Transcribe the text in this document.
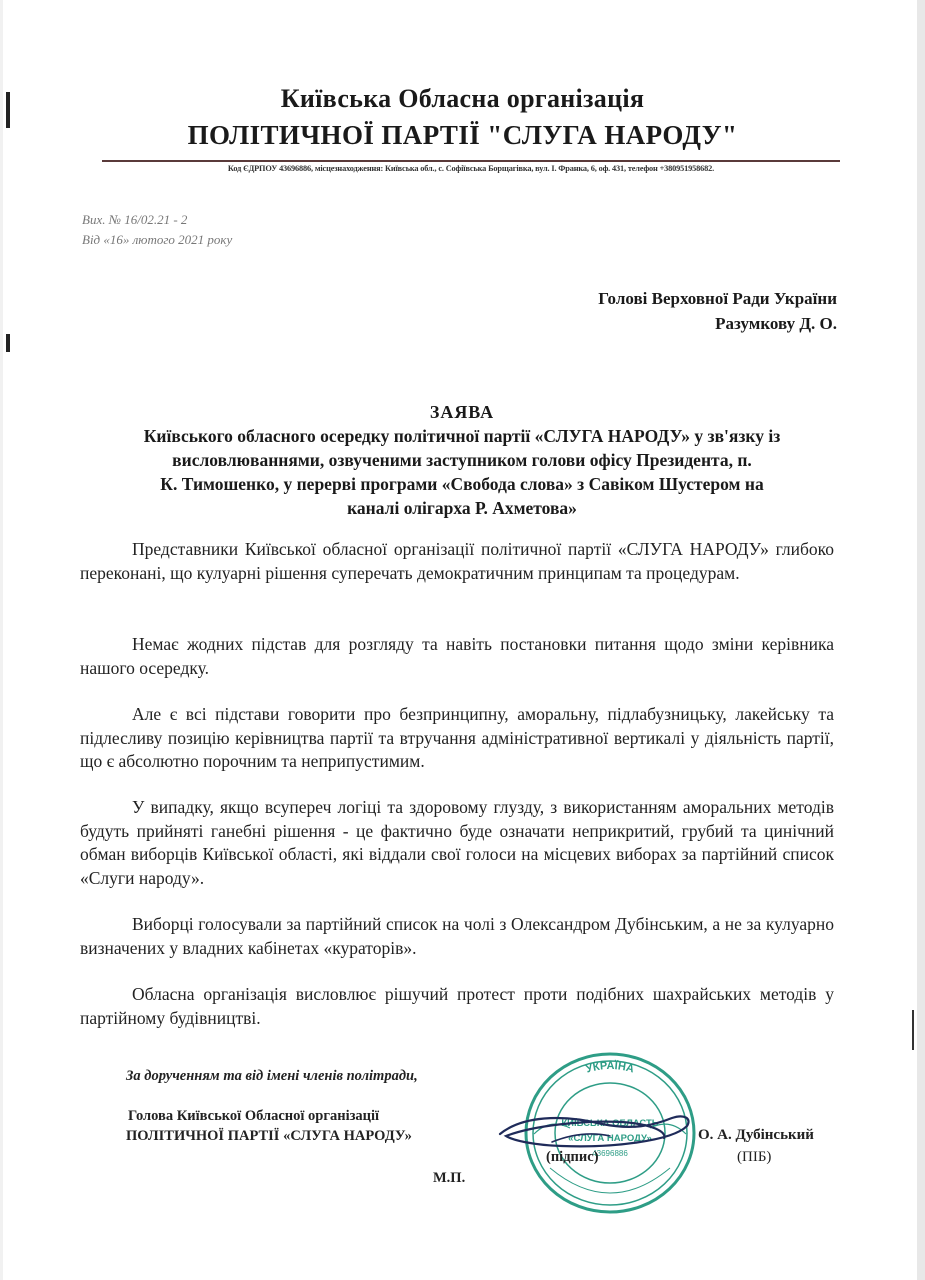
Київська Обласна організація
ПОЛІТИЧНОЇ ПАРТІЇ "СЛУГА НАРОДУ"
Код ЄДРПОУ 43696886, місцезнаходження: Київська обл., с. Софіївська Борщагівка, вул. І. Франка, 6, оф. 431, телефон +380951958682.
Вих. № 16/02.21 - 2
Від «16» лютого 2021 року
Голові Верховної Ради України
Разумкову Д. О.
ЗАЯВА
Київського обласного осередку політичної партії «СЛУГА НАРОДУ» у зв'язку із
висловлюваннями, озвученими заступником голови офісу Президента, п.
К. Тимошенко, у перерві програми «Свобода слова» з Савіком Шустером на
каналі олігарха Р. Ахметова»
Представники Київської обласної організації політичної партії «СЛУГА НАРОДУ» глибоко переконані, що кулуарні рішення суперечать демократичним принципам та процедурам.
Немає жодних підстав для розгляду та навіть постановки питання щодо зміни керівника нашого осередку.
Але є всі підстави говорити про безпринципну, аморальну, підлабузницьку, лакейську та підлесливу позицію керівництва партії та втручання адміністративної вертикалі у діяльність партії, що є абсолютно порочним та неприпустимим.
У випадку, якщо всупереч логіці та здоровому глузду, з використанням аморальних методів будуть прийняті ганебні рішення - це фактично буде означати неприкритий, грубий та цинічний обман виборців Київської області, які віддали свої голоси на місцевих виборах за партійний список «Слуги народу».
Виборці голосували за партійний список на чолі з Олександром Дубінським, а не за кулуарно визначених у владних кабінетах «кураторів».
Обласна організація висловлює рішучий протест проти подібних шахрайських методів у партійному будівництві.
УКРАЇНА
КИЇВСЬКА ОБЛАСТЬ
«СЛУГА НАРОДУ»
43696886
За дорученням та від імені членів політради,
Голова Київської Обласної організації
ПОЛІТИЧНОЇ ПАРТІЇ «СЛУГА НАРОДУ»
М.П.
(підпис)
О. А. Дубінський
(ПІБ)
